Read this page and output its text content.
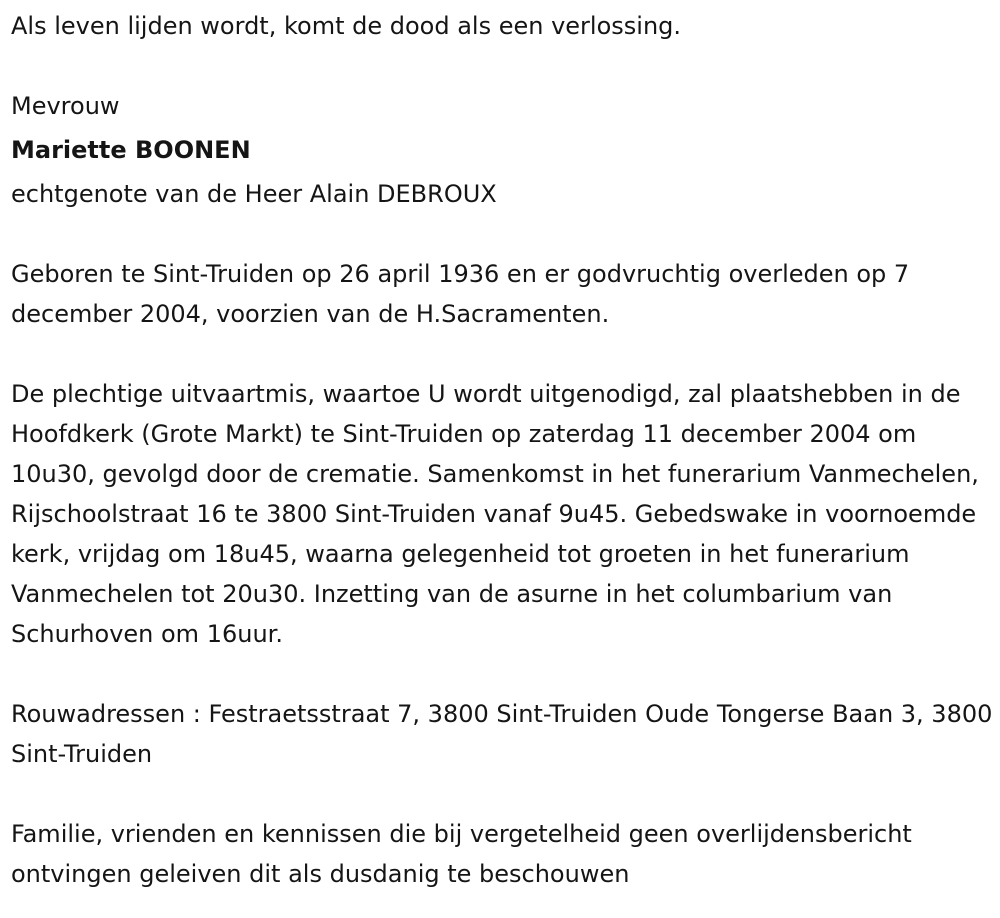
Als leven lijden wordt, komt de dood als een verlossing.

Mevrouw

Mariette BOONEN

echtgenote van de Heer Alain DEBROUX

Geboren te Sint-Truiden op 26 april 1936 en er godvruchtig overleden op 7 december 2004, voorzien van de H.Sacramenten.

De plechtige uitvaartmis, waartoe U wordt uitgenodigd, zal plaatshebben in de Hoofdkerk (Grote Markt) te Sint-Truiden op zaterdag 11 december 2004 om 10u30, gevolgd door de crematie. Samenkomst in het funerarium Vanmechelen, Rijschoolstraat 16 te 3800 Sint-Truiden vanaf 9u45. Gebedswake in voornoemde kerk, vrijdag om 18u45, waarna gelegenheid tot groeten in het funerarium Vanmechelen tot 20u30. Inzetting van de asurne in het columbarium van Schurhoven om 16uur.

Rouwadressen : Festraetsstraat 7, 3800 Sint-Truiden Oude Tongerse Baan 3, 3800 Sint-Truiden

Familie, vrienden en kennissen die bij vergetelheid geen overlijdensbericht ontvingen geleiven dit als dusdanig te beschouwen
